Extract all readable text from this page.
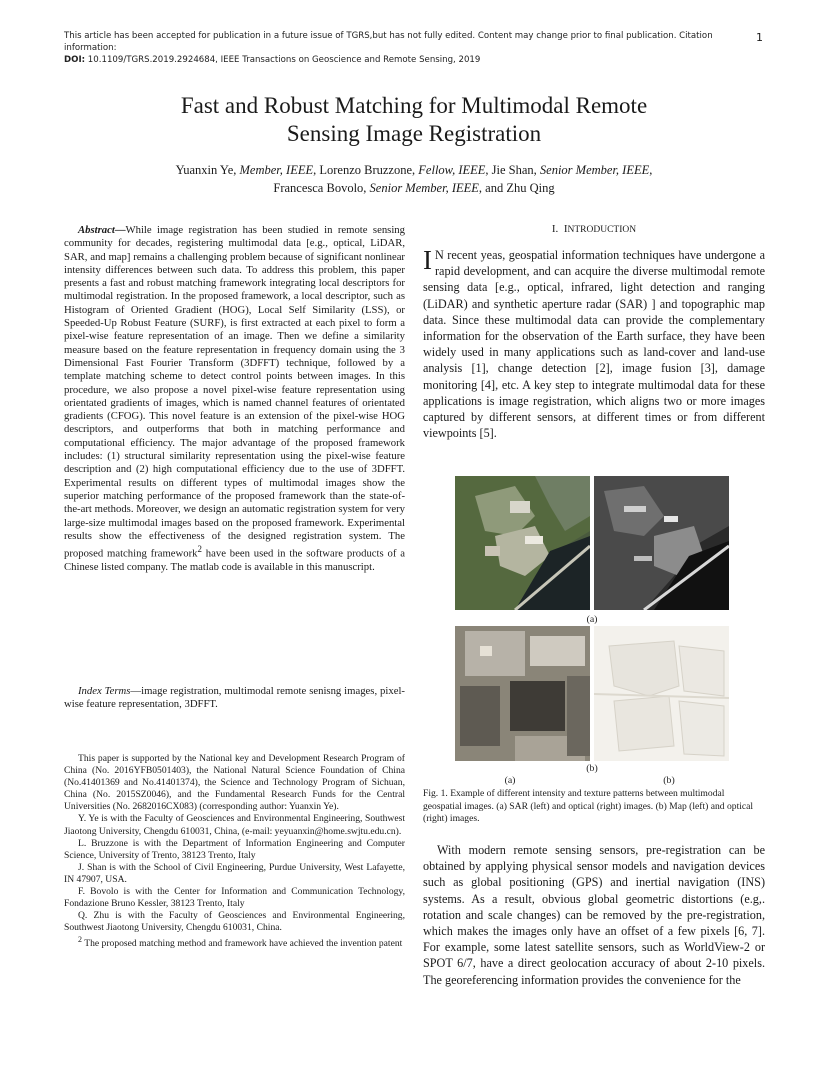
This article has been accepted for publication in a future issue of TGRS,but has not fully edited. Content may change prior to final publication. Citation information:
DOI: 10.1109/TGRS.2019.2924684, IEEE Transactions on Geoscience and Remote Sensing, 2019
1
Fast and Robust Matching for Multimodal Remote
Sensing Image Registration
Yuanxin Ye, Member, IEEE, Lorenzo Bruzzone, Fellow, IEEE, Jie Shan, Senior Member, IEEE,
Francesca Bovolo, Senior Member, IEEE, and Zhu Qing

Abstract—While image registration has been studied in remote sensing community for decades, registering multimodal data [e.g., optical, LiDAR, SAR, and map] remains a challenging problem because of significant nonlinear intensity differences between such data. To address this problem, this paper presents a fast and robust matching framework integrating local descriptors for multimodal registration. In the proposed framework, a local descriptor, such as Histogram of Oriented Gradient (HOG), Local Self Similarity (LSS), or Speeded-Up Robust Feature (SURF), is first extracted at each pixel to form a pixel-wise feature representation of an image. Then we define a similarity measure based on the feature representation in frequency domain using the 3 Dimensional Fast Fourier Transform (3DFFT) technique, followed by a template matching scheme to detect control points between images. In this procedure, we also propose a novel pixel-wise feature representation using orientated gradients of images, which is named channel features of orientated gradients (CFOG). This novel feature is an extension of the pixel-wise HOG descriptors, and outperforms that both in matching performance and computational efficiency. The major advantage of the proposed framework includes: (1) structural similarity representation using the pixel-wise feature description and (2) high computational efficiency due to the use of 3DFFT. Experimental results on different types of multimodal images show the superior matching performance of the proposed framework than the state-of-the-art methods. Moreover, we design an automatic registration system for very large-size multimodal images based on the proposed framework. Experimental results show the effectiveness of the designed registration system. The proposed matching framework$^2$ have been used in the software products of a Chinese listed company. The matlab code is available in this manuscript.

Index Terms—image registration, multimodal remote senisng images, pixel-wise feature representation, 3DFFT.

This paper is supported by the National key and Development Research Program of China (No. 2016YFB0501403), the National Natural Science Foundation of China (No.41401369 and No.41401374), the Science and Technology Program of Sichuan, China (No. 2015SZ0046), and the Fundamental Research Funds for the Central Universities (No. 2682016CX083) (corresponding author: Yuanxin Ye).

Y. Ye is with the Faculty of Geosciences and Environmental Engineering, Southwest Jiaotong University, Chengdu 610031, China, (e-mail: yeyuanxin@home.swjtu.edu.cn).

L. Bruzzone is with the Department of Information Engineering and Computer Science, University of Trento, 38123 Trento, Italy

J. Shan is with the School of Civil Engineering, Purdue University, West Lafayette, IN 47907, USA.

F. Bovolo is with the Center for Information and Communication Technology, Fondazione Bruno Kessler, 38123 Trento, Italy

Q. Zhu is with the Faculty of Geosciences and Environmental Engineering, Southwest Jiaotong University, Chengdu 610031, China.

$^2$ The proposed matching method and framework have achieved the invention patent

I. INTRODUCTION

I N recent yeas, geospatial information techniques have undergone a rapid development, and can acquire the diverse multimodal remote sensing data [e.g., optical, infrared, light detection and ranging (LiDAR) and synthetic aperture radar (SAR) ] and topographic map data. Since these multimodal data can provide the complementary information for the observation of the Earth surface, they have been widely used in many applications such as land-cover and land-use analysis [1], change detection [2], image fusion [3], damage monitoring [4], etc. A key step to integrate multimodal data for these applications is image registration, which aligns two or more images captured by different sensors, at different times or from different viewpoints [5].

(a)
(b)
(a)	(b)
Fig. 1. Example of different intensity and texture patterns between multimodal geospatial images. (a) SAR (left) and optical (right) images. (b) Map (left) and optical (right) images.

With modern remote sensing sensors, pre-registration can be obtained by applying physical sensor models and navigation devices such as global positioning (GPS) and inertial navigation (INS) systems. As a result, obvious global geometric distortions (e.g,. rotation and scale changes) can be removed by the pre-registration, which makes the images only have an offset of a few pixels [6, 7]. For example, some latest satellite sensors, such as WorldView-2 or SPOT 6/7, have a direct geolocation accuracy of about 2-10 pixels. The georeferencing information provides the convenience for the
